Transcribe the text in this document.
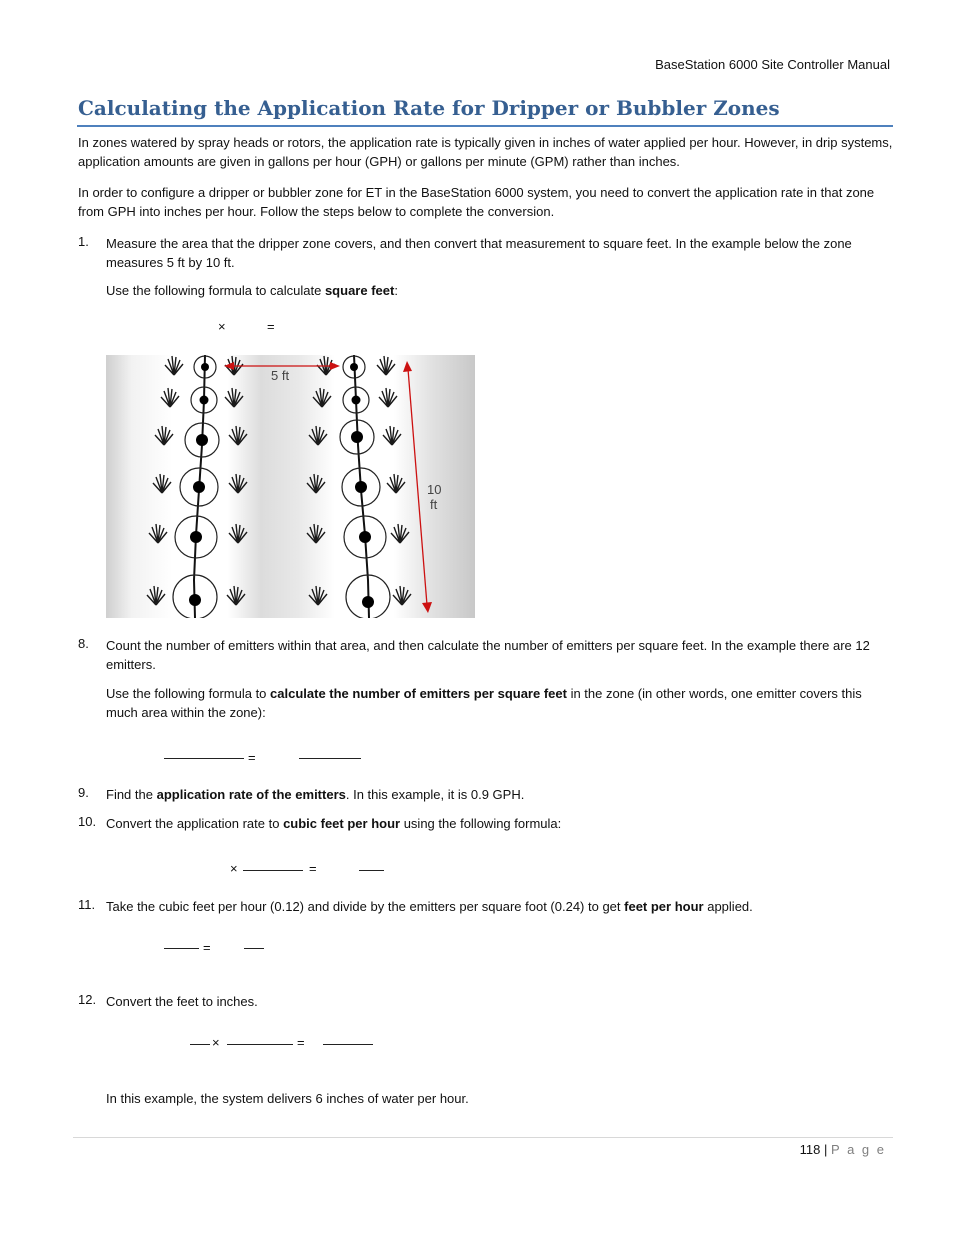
BaseStation 6000 Site Controller Manual
Calculating the Application Rate for Dripper or Bubbler Zones
In zones watered by spray heads or rotors, the application rate is typically given in inches of water applied per hour. However, in drip systems, application amounts are given in gallons per hour (GPH) or gallons per minute (GPM) rather than inches.
In order to configure a dripper or bubbler zone for ET in the BaseStation 6000 system, you need to convert the application rate in that zone from GPH into inches per hour. Follow the steps below to complete the conversion.
1. Measure the area that the dripper zone covers, and then convert that measurement to square feet. In the example below the zone measures 5 ft by 10 ft.
Use the following formula to calculate square feet:
×	=
5 ft
10
ft
8. Count the number of emitters within that area, and then calculate the number of emitters per square feet. In the example there are 12 emitters.
Use the following formula to calculate the number of emitters per square feet in the zone (in other words, one emitter covers this much area within the zone):
=
9. Find the application rate of the emitters. In this example, it is 0.9 GPH.
10. Convert the application rate to cubic feet per hour using the following formula:
×	=
11. Take the cubic feet per hour (0.12) and divide by the emitters per square foot (0.24) to get feet per hour applied.
=
12. Convert the feet to inches.
×	=
In this example, the system delivers 6 inches of water per hour.
118 | P a g e
